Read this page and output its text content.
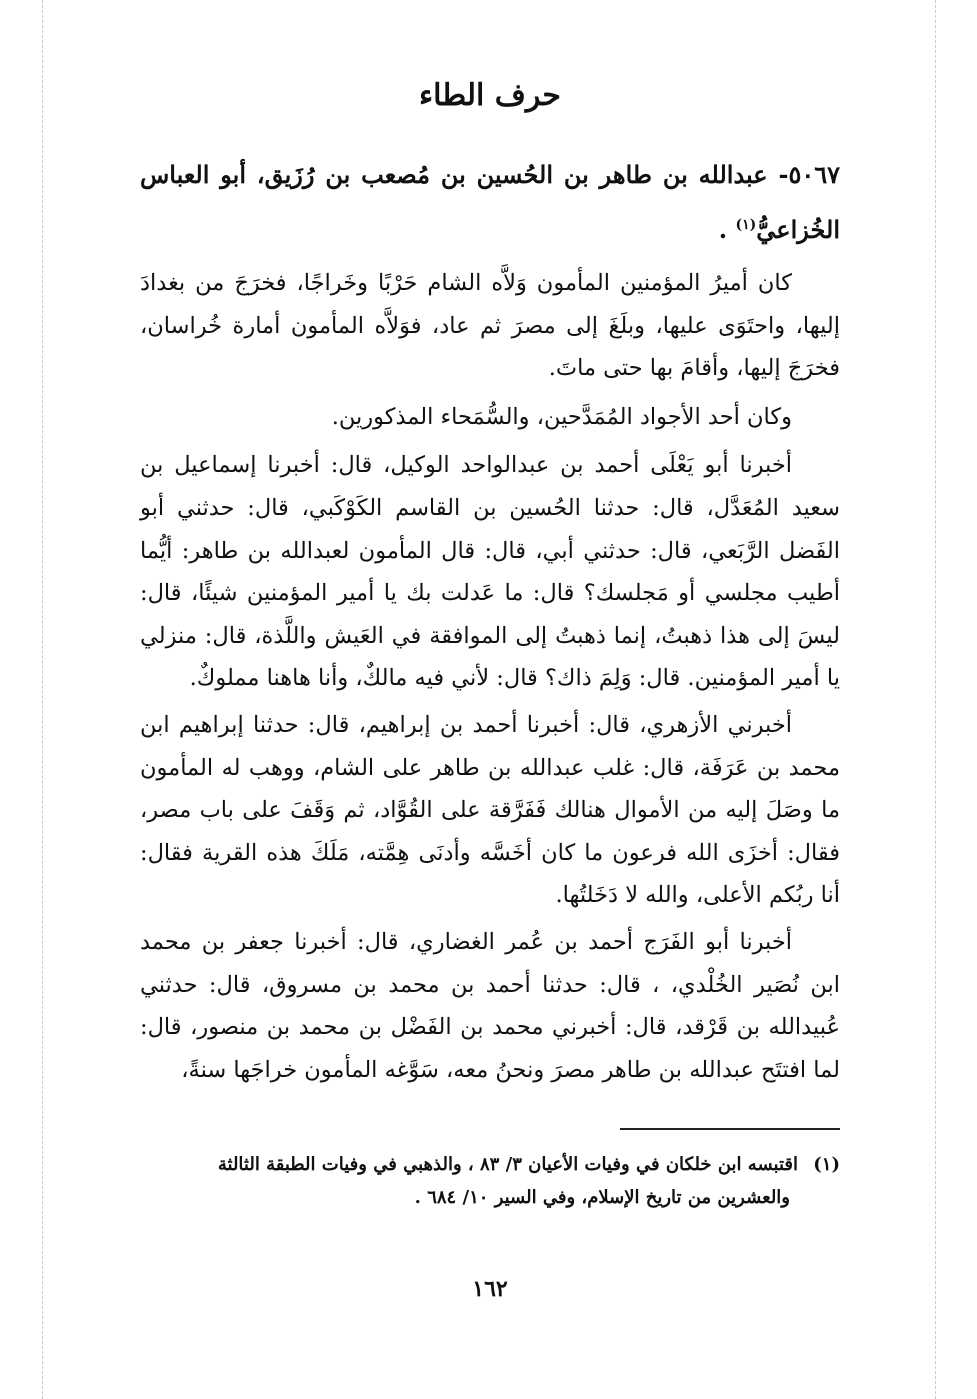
حرف الطاء

٥٠٦٧- عبدالله بن طاهر بن الحُسين بن مُصعب بن رُزَيق، أبو العباس الخُزاعيُّ$^{(١)}$ .

كان أميرُ المؤمنين المأمون وَلاَّه الشام حَرْبًا وخَراجًا، فخرَجَ من بغدادَ إليها، واحتَوَى عليها، وبلَغَ إلى مصرَ ثم عاد، فوَلاَّه المأمون أمارة خُراسان، فخرَجَ إليها، وأقامَ بها حتى ماتَ.

وكان أحد الأجواد المُمَدَّحين، والسُّمَحاء المذكورين.

أخبرنا أبو يَعْلَى أحمد بن عبدالواحد الوكيل، قال: أخبرنا إسماعيل بن سعيد المُعَدَّل، قال: حدثنا الحُسين بن القاسم الكَوْكَبي، قال: حدثني أبو الفَضل الرَّبَعي، قال: حدثني أبي، قال: قال المأمون لعبدالله بن طاهر: أيُّما أطيب مجلسي أو مَجلسك؟ قال: ما عَدلت بك يا أمير المؤمنين شيئًا، قال: ليسَ إلى هذا ذهبتُ، إنما ذهبتُ إلى الموافقة في العَيش واللَّذة، قال: منزلي يا أمير المؤمنين. قال: وَلِمَ ذاك؟ قال: لأني فيه مالكٌ، وأنا هاهنا مملوكٌ.

أخبرني الأزهري، قال: أخبرنا أحمد بن إبراهيم، قال: حدثنا إبراهيم ابن محمد بن عَرَفَة، قال: غلب عبدالله بن طاهر على الشام، ووهب له المأمون ما وصَلَ إليه من الأموال هنالك فَفَرَّقة على القُوَّاد، ثم وَقَفَ على باب مصر، فقال: أخزَى الله فرعون ما كان أخَسَّه وأدنَى هِمَّته، مَلَكَ هذه القرية فقال: أنا ربُكم الأعلى، والله لا دَخَلتُها.

أخبرنا أبو الفَرَج أحمد بن عُمر الغضاري، قال: أخبرنا جعفر بن محمد ابن نُصَير الخُلْدي، ، قال: حدثنا أحمد بن محمد بن مسروق، قال: حدثني عُبيدالله بن قَرْقد، قال: أخبرني محمد بن الفَضْل بن محمد بن منصور، قال: لما افتتَح عبدالله بن طاهر مصرَ ونحنُ معه، سَوَّغه المأمون خراجَها سنةً،

(١)اقتبسه ابن خلكان في وفيات الأعيان ٣/ ٨٣ ، والذهبي في وفيات الطبقة الثالثة
والعشرين من تاريخ الإسلام، وفي السير ١٠/ ٦٨٤ .

١٦٢
